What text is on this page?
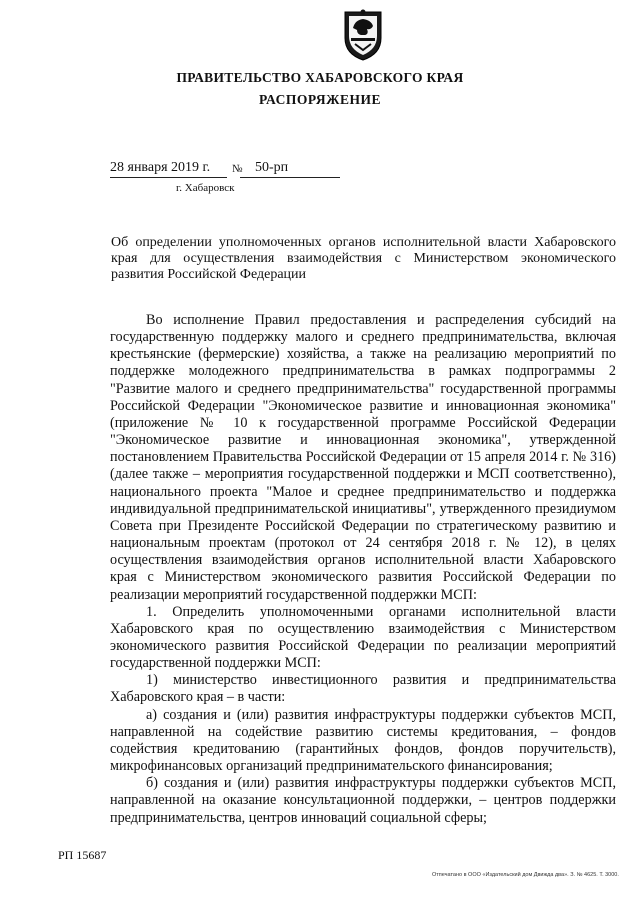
ПРАВИТЕЛЬСТВО ХАБАРОВСКОГО КРАЯ
РАСПОРЯЖЕНИЕ
28 января 2019 г. № 50-рп
г. Хабаровск
Об определении уполномоченных органов исполнительной власти Хабаровского края для осуществления взаимодействия с Министерством экономического развития Российской Федерации

Во исполнение Правил предоставления и распределения субсидий на государственную поддержку малого и среднего предпринимательства, включая крестьянские (фермерские) хозяйства, а также на реализацию мероприятий по поддержке молодежного предпринимательства в рамках подпрограммы 2 "Развитие малого и среднего предпринимательства" государственной программы Российской Федерации "Экономическое развитие и инновационная экономика" (приложение № 10 к государственной программе Российской Федерации "Экономическое развитие и инновационная экономика", утвержденной постановлением Правительства Российской Федерации от 15 апреля 2014 г. № 316) (далее также – мероприятия государственной поддержки и МСП соответственно), национального проекта "Малое и среднее предпринимательство и поддержка индивидуальной предпринимательской инициативы", утвержденного президиумом Совета при Президенте Российской Федерации по стратегическому развитию и национальным проектам (протокол от 24 сентября 2018 г. № 12), в целях осуществления взаимодействия органов исполнительной власти Хабаровского края с Министерством экономического развития Российской Федерации по реализации мероприятий государственной поддержки МСП:

1. Определить уполномоченными органами исполнительной власти Хабаровского края по осуществлению взаимодействия с Министерством экономического развития Российской Федерации по реализации мероприятий государственной поддержки МСП:

1) министерство инвестиционного развития и предпринимательства Хабаровского края – в части:

а) создания и (или) развития инфраструктуры поддержки субъектов МСП, направленной на содействие развитию системы кредитования, – фондов содействия кредитованию (гарантийных фондов, фондов поручительств), микрофинансовых организаций предпринимательского финансирования;

б) создания и (или) развития инфраструктуры поддержки субъектов МСП, направленной на оказание консультационной поддержки, – центров поддержки предпринимательства, центров инноваций социальной сферы;

РП 15687
Отпечатано в ООО «Издательский дом Движда два». З. № 4625. Т. 3000.
